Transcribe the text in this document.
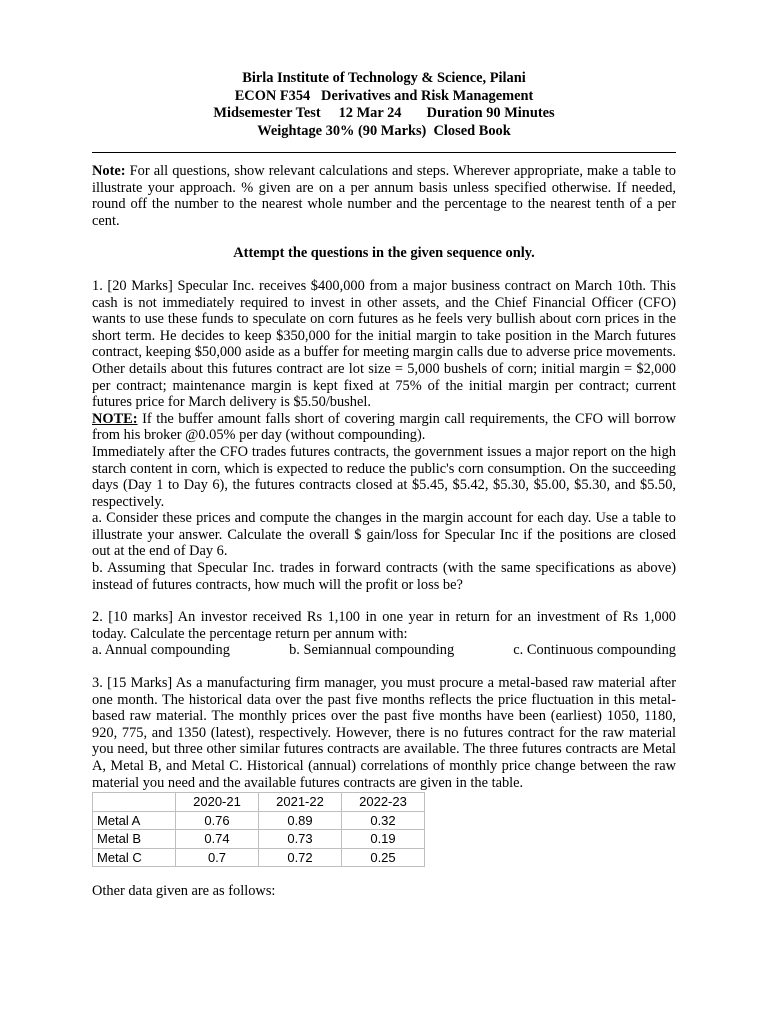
Birla Institute of Technology & Science, Pilani
ECON F354   Derivatives and Risk Management
Midsemester Test     12 Mar 24       Duration 90 Minutes
Weightage 30% (90 Marks)  Closed Book

Note: For all questions, show relevant calculations and steps. Wherever appropriate, make a table to illustrate your approach. % given are on a per annum basis unless specified otherwise. If needed, round off the number to the nearest whole number and the percentage to the nearest tenth of a per cent.

Attempt the questions in the given sequence only.

1. [20 Marks] Specular Inc. receives $400,000 from a major business contract on March 10th. This cash is not immediately required to invest in other assets, and the Chief Financial Officer (CFO) wants to use these funds to speculate on corn futures as he feels very bullish about corn prices in the short term. He decides to keep $350,000 for the initial margin to take position in the March futures contract, keeping $50,000 aside as a buffer for meeting margin calls due to adverse price movements. Other details about this futures contract are lot size = 5,000 bushels of corn; initial margin = $2,000 per contract; maintenance margin is kept fixed at 75% of the initial margin per contract; current futures price for March delivery is $5.50/bushel.

NOTE: If the buffer amount falls short of covering margin call requirements, the CFO will borrow from his broker @0.05% per day (without compounding).

Immediately after the CFO trades futures contracts, the government issues a major report on the high starch content in corn, which is expected to reduce the public's corn consumption. On the succeeding days (Day 1 to Day 6), the futures contracts closed at $5.45, $5.42, $5.30, $5.00, $5.30, and $5.50, respectively.

a. Consider these prices and compute the changes in the margin account for each day. Use a table to illustrate your answer. Calculate the overall $ gain/loss for Specular Inc if the positions are closed out at the end of Day 6.

b. Assuming that Specular Inc. trades in forward contracts (with the same specifications as above) instead of futures contracts, how much will the profit or loss be?

2. [10 marks] An investor received Rs 1,100 in one year in return for an investment of Rs 1,000 today. Calculate the percentage return per annum with:

a. Annual compounding	b. Semiannual compounding	c. Continuous compounding

3. [15 Marks] As a manufacturing firm manager, you must procure a metal-based raw material after one month. The historical data over the past five months reflects the price fluctuation in this metal-based raw material. The monthly prices over the past five months have been (earliest) 1050, 1180, 920, 775, and 1350 (latest), respectively. However, there is no futures contract for the raw material you need, but three other similar futures contracts are available. The three futures contracts are Metal A, Metal B, and Metal C. Historical (annual) correlations of monthly price change between the raw material you need and the available futures contracts are given in the table.

	2020-21	2021-22	2022-23
Metal A	0.76	0.89	0.32
Metal B	0.74	0.73	0.19
Metal C	0.7	0.72	0.25

Other data given are as follows:
